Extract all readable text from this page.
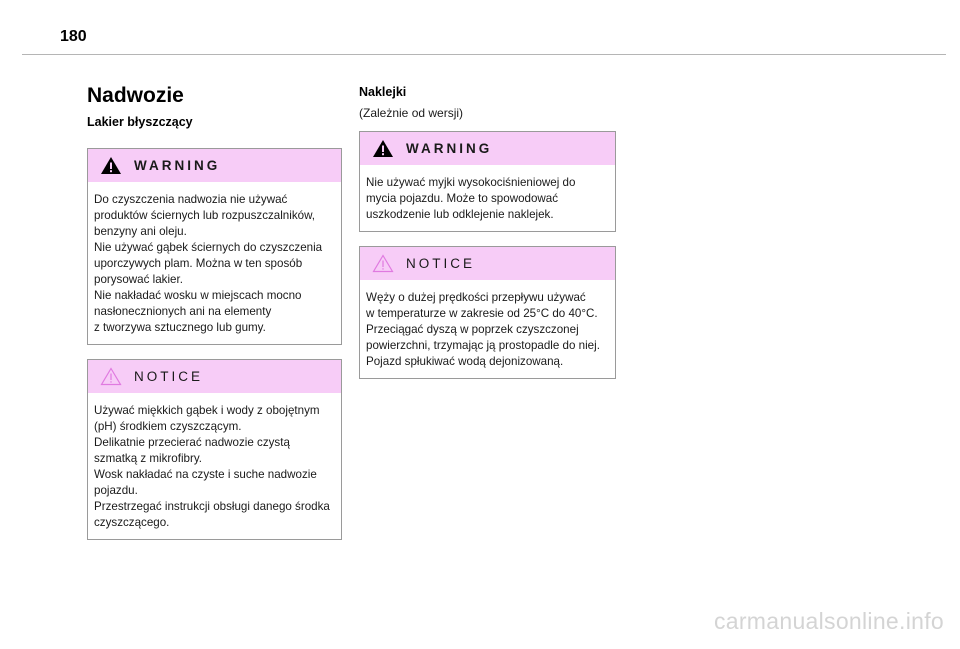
180
Nadwozie
Lakier błyszczący
WARNING

Do czyszczenia nadwozia nie używać

produktów ściernych lub rozpuszczalników,

benzyny ani oleju.

Nie używać gąbek ściernych do czyszczenia

uporczywych plam. Można w ten sposób

porysować lakier.

Nie nakładać wosku w miejscach mocno

nasłonecznionych ani na elementy

z tworzywa sztucznego lub gumy.

NOTICE

Używać miękkich gąbek i wody z obojętnym

(pH) środkiem czyszczącym.

Delikatnie przecierać nadwozie czystą

szmatką z mikrofibry.

Wosk nakładać na czyste i suche nadwozie

pojazdu.

Przestrzegać instrukcji obsługi danego środka

czyszczącego.

Naklejki

(Zależnie od wersji)

WARNING

Nie używać myjki wysokociśnieniowej do

mycia pojazdu. Może to spowodować

uszkodzenie lub odklejenie naklejek.

NOTICE

Węży o dużej prędkości przepływu używać

w temperaturze w zakresie od 25°C do 40°C.

Przeciągać dyszą w poprzek czyszczonej

powierzchni, trzymając ją prostopadle do niej.

Pojazd spłukiwać wodą dejonizowaną.

carmanualsonline.info
